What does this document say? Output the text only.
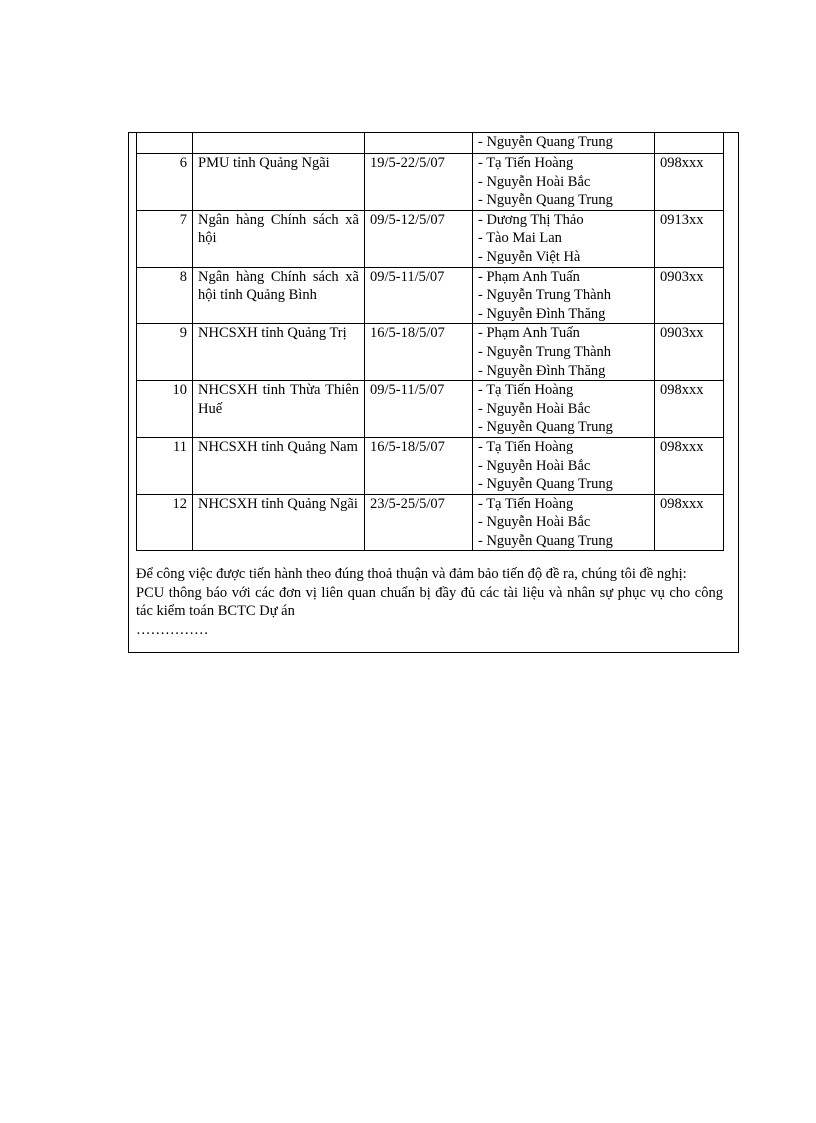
			- Nguyễn Quang Trung	

6	PMU tỉnh Quảng Ngãi	19/5-22/5/07	- Tạ Tiến Hoàng
- Nguyễn Hoài Bắc
- Nguyễn Quang Trung	098xxx
7	Ngân hàng Chính sách xã hội	09/5-12/5/07	- Dương Thị Thảo
- Tào Mai Lan
- Nguyễn Việt Hà	0913xx
8	Ngân hàng Chính sách xã hội tỉnh Quảng Bình	09/5-11/5/07	- Phạm Anh Tuấn
- Nguyễn Trung Thành
- Nguyễn Đình Thăng	0903xx
9	NHCSXH tỉnh Quảng Trị	16/5-18/5/07	- Phạm Anh Tuấn
- Nguyễn Trung Thành
- Nguyễn Đình Thăng	0903xx
10	NHCSXH tỉnh Thừa Thiên Huế	09/5-11/5/07	- Tạ Tiến Hoàng
- Nguyễn Hoài Bắc
- Nguyễn Quang Trung	098xxx
11	NHCSXH tỉnh Quảng Nam	16/5-18/5/07	- Tạ Tiến Hoàng
- Nguyễn Hoài Bắc
- Nguyễn Quang Trung	098xxx
12	NHCSXH tỉnh Quảng Ngãi	23/5-25/5/07	- Tạ Tiến Hoàng
- Nguyễn Hoài Bắc
- Nguyễn Quang Trung	098xxx

Để công việc được tiến hành theo đúng thoả thuận và đảm bảo tiến độ đề ra, chúng tôi đề nghị:

PCU thông báo với các đơn vị liên quan chuẩn bị đầy đủ các tài liệu và nhân sự phục vụ cho công tác kiểm toán BCTC Dự án

……………
